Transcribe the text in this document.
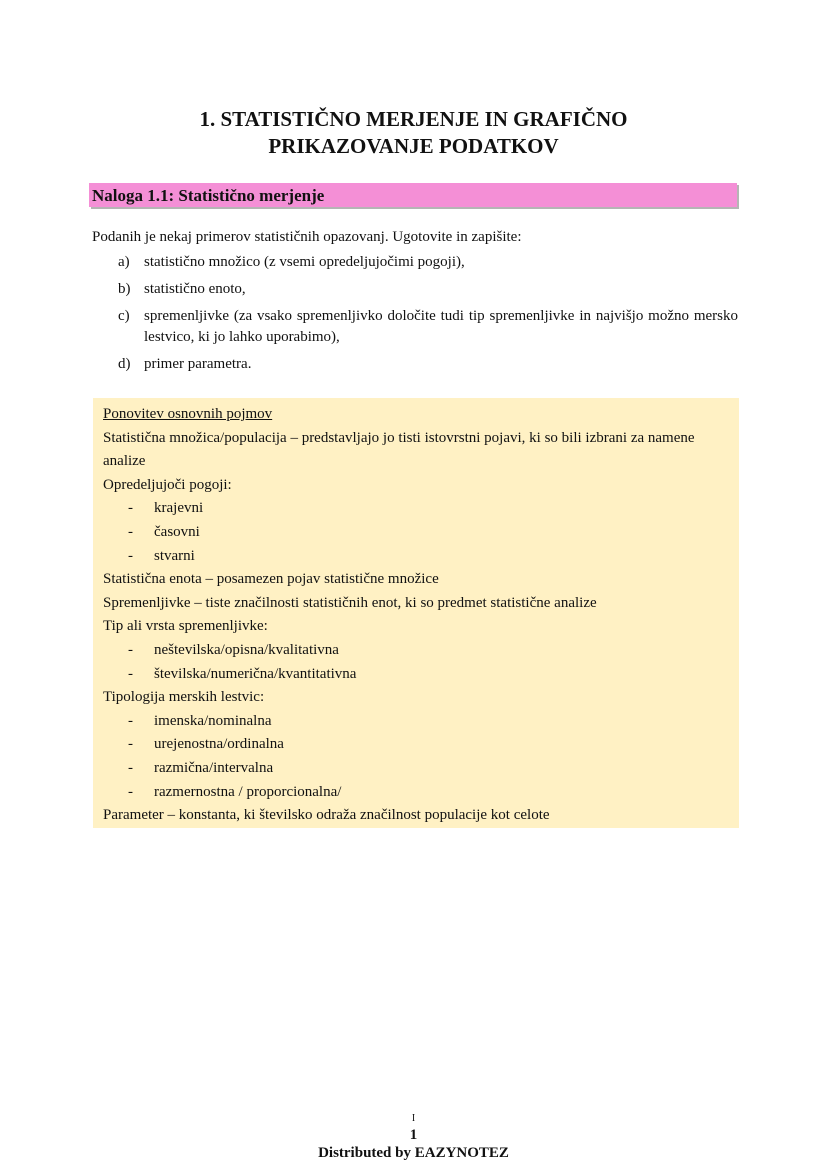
1. STATISTIČNO MERJENJE IN GRAFIČNO
PRIKAZOVANJE PODATKOV
Naloga 1.1: Statistično merjenje
Podanih je nekaj primerov statističnih opazovanj. Ugotovite in zapišite:
a) statistično množico (z vsemi opredeljujočimi pogoji),
b) statistično enoto,
c) spremenljivke (za vsako spremenljivko določite tudi tip spremenljivke in najvišjo možno mersko lestvico, ki jo lahko uporabimo),
d) primer parametra.
Ponovitev osnovnih pojmov
Statistična množica/populacija – predstavljajo jo tisti istovrstni pojavi, ki so bili izbrani za namene analize
Opredeljujoči pogoji:
- krajevni
- časovni
- stvarni
Statistična enota – posamezen pojav statistične množice
Spremenljivke – tiste značilnosti statističnih enot, ki so predmet statistične analize
Tip ali vrsta spremenljivke:
- neštevilska/opisna/kvalitativna
- številska/numerična/kvantitativna
Tipologija merskih lestvic:
- imenska/nominalna
- urejenostna/ordinalna
- razmična/intervalna
- razmernostna / proporcionalna/
Parameter – konstanta, ki številsko odraža značilnost populacije kot celote
I
1
Distributed by EAZYNOTEZ
